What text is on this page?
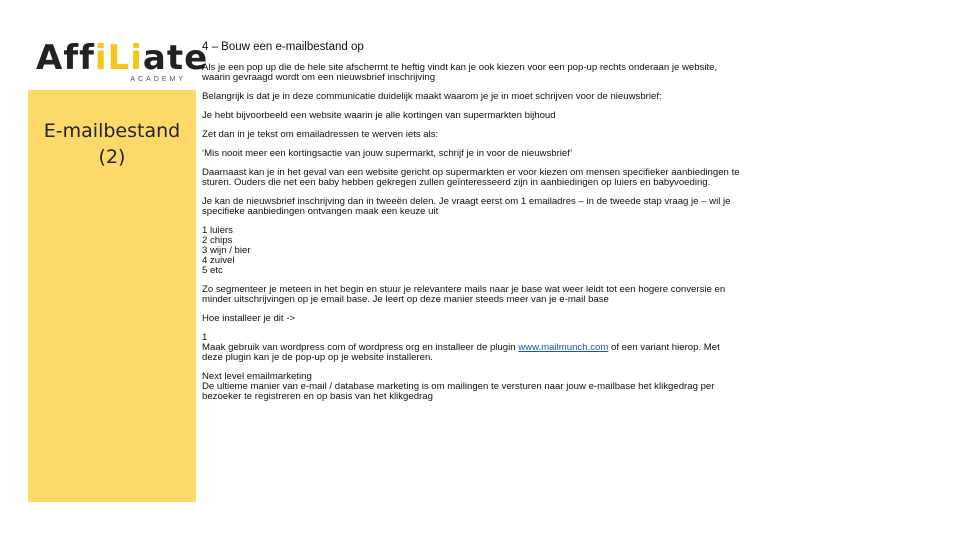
AffiLiate
ACADEMY
E-mailbestand
(2)
4 – Bouw een e-mailbestand op
Als je een pop up die de hele site afschermt te heftig vindt kan je ook kiezen voor een pop-up rechts onderaan je website,
waarin gevraagd wordt om een nieuwsbrief inschrijving
Belangrijk is dat je in deze communicatie duidelijk maakt waarom je je in moet schrijven voor de nieuwsbrief:
Je hebt bijvoorbeeld een website waarin je alle kortingen van supermarkten bijhoud
Zet dan in je tekst om emailadressen te werven iets als:
‘Mis nooit meer een kortingsactie van jouw supermarkt, schrijf je in voor de nieuwsbrief’
Daarnaast kan je in het geval van een website gericht op supermarkten er voor kiezen om mensen specifieker aanbiedingen te
sturen. Ouders die net een baby hebben gekregen zullen geïnteresseerd zijn in aanbiedingen op luiers en babyvoeding.
Je kan de nieuwsbrief inschrijving dan in tweeën delen. Je vraagt eerst om 1 emailadres – in de tweede stap vraag je – wil je
specifieke aanbiedingen ontvangen maak een keuze uit
1 luiers
2 chips
3 wijn / bier
4 zuivel
5 etc
Zo segmenteer je meteen in het begin en stuur je relevantere mails naar je base wat weer leidt tot een hogere conversie en
minder uitschrijvingen op je email base. Je leert op deze manier steeds meer van je e-mail base
Hoe installeer je dit ->
1
Maak gebruik van wordpress com of wordpress org en installeer de plugin www.mailmunch.com of een variant hierop. Met
deze plugin kan je de pop-up op je website installeren.
Next level emailmarketing
De ultieme manier van e-mail / database marketing is om mailingen te versturen naar jouw e-mailbase het klikgedrag per
bezoeker te registreren en op basis van het klikgedrag
